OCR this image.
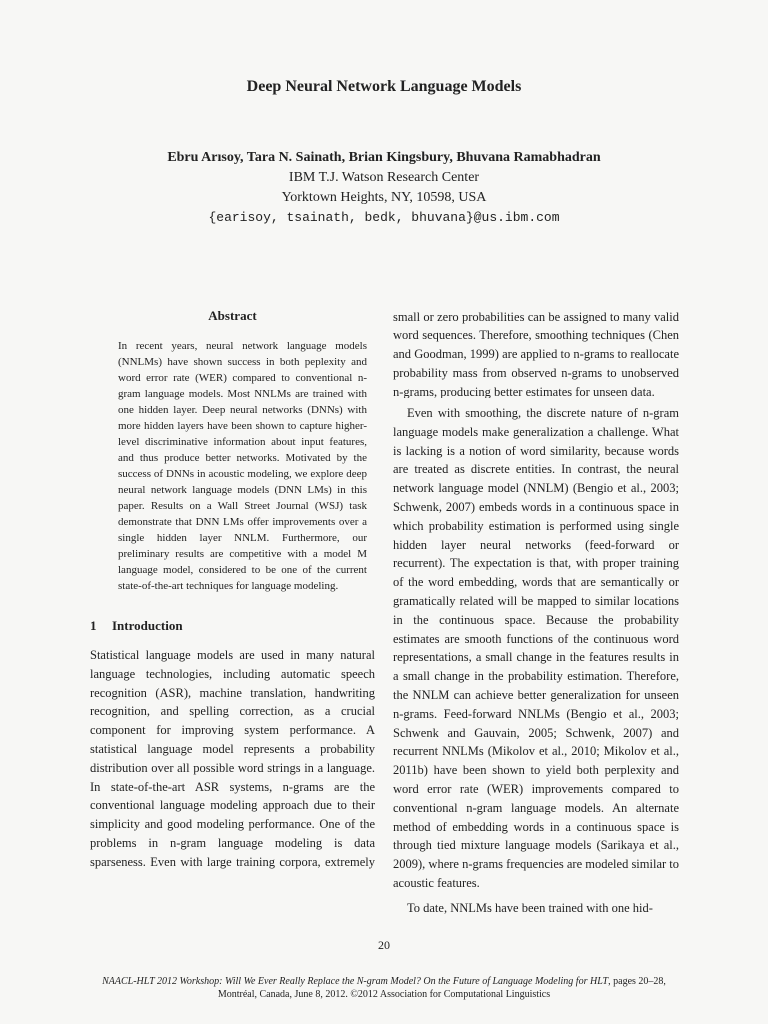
Deep Neural Network Language Models
Ebru Arısoy, Tara N. Sainath, Brian Kingsbury, Bhuvana Ramabhadran
IBM T.J. Watson Research Center
Yorktown Heights, NY, 10598, USA
{earisoy, tsainath, bedk, bhuvana}@us.ibm.com
Abstract

In recent years, neural network language models (NNLMs) have shown success in both peplexity and word error rate (WER) compared to conventional n-gram language models. Most NNLMs are trained with one hidden layer. Deep neural networks (DNNs) with more hidden layers have been shown to capture higher-level discriminative information about input features, and thus produce better networks. Motivated by the success of DNNs in acoustic modeling, we explore deep neural network language models (DNN LMs) in this paper. Results on a Wall Street Journal (WSJ) task demonstrate that DNN LMs offer improvements over a single hidden layer NNLM. Furthermore, our preliminary results are competitive with a model M language model, considered to be one of the current state-of-the-art techniques for language modeling.

1 Introduction

Statistical language models are used in many natural language technologies, including automatic speech recognition (ASR), machine translation, handwriting recognition, and spelling correction, as a crucial component for improving system performance. A statistical language model represents a probability distribution over all possible word strings in a language. In state-of-the-art ASR systems, n-grams are the conventional language modeling approach due to their simplicity and good modeling performance. One of the problems in n-gram language modeling is data sparseness. Even with large training corpora, extremely

small or zero probabilities can be assigned to many valid word sequences. Therefore, smoothing techniques (Chen and Goodman, 1999) are applied to n-grams to reallocate probability mass from observed n-grams to unobserved n-grams, producing better estimates for unseen data.

Even with smoothing, the discrete nature of n-gram language models make generalization a challenge. What is lacking is a notion of word similarity, because words are treated as discrete entities. In contrast, the neural network language model (NNLM) (Bengio et al., 2003; Schwenk, 2007) embeds words in a continuous space in which probability estimation is performed using single hidden layer neural networks (feed-forward or recurrent). The expectation is that, with proper training of the word embedding, words that are semantically or gramatically related will be mapped to similar locations in the continuous space. Because the probability estimates are smooth functions of the continuous word representations, a small change in the features results in a small change in the probability estimation. Therefore, the NNLM can achieve better generalization for unseen n-grams. Feed-forward NNLMs (Bengio et al., 2003; Schwenk and Gauvain, 2005; Schwenk, 2007) and recurrent NNLMs (Mikolov et al., 2010; Mikolov et al., 2011b) have been shown to yield both perplexity and word error rate (WER) improvements compared to conventional n-gram language models. An alternate method of embedding words in a continuous space is through tied mixture language models (Sarikaya et al., 2009), where n-grams frequencies are modeled similar to acoustic features.

To date, NNLMs have been trained with one hid-

20
NAACL-HLT 2012 Workshop: Will We Ever Really Replace the N-gram Model? On the Future of Language Modeling for HLT, pages 20–28,
Montréal, Canada, June 8, 2012. ©2012 Association for Computational Linguistics
